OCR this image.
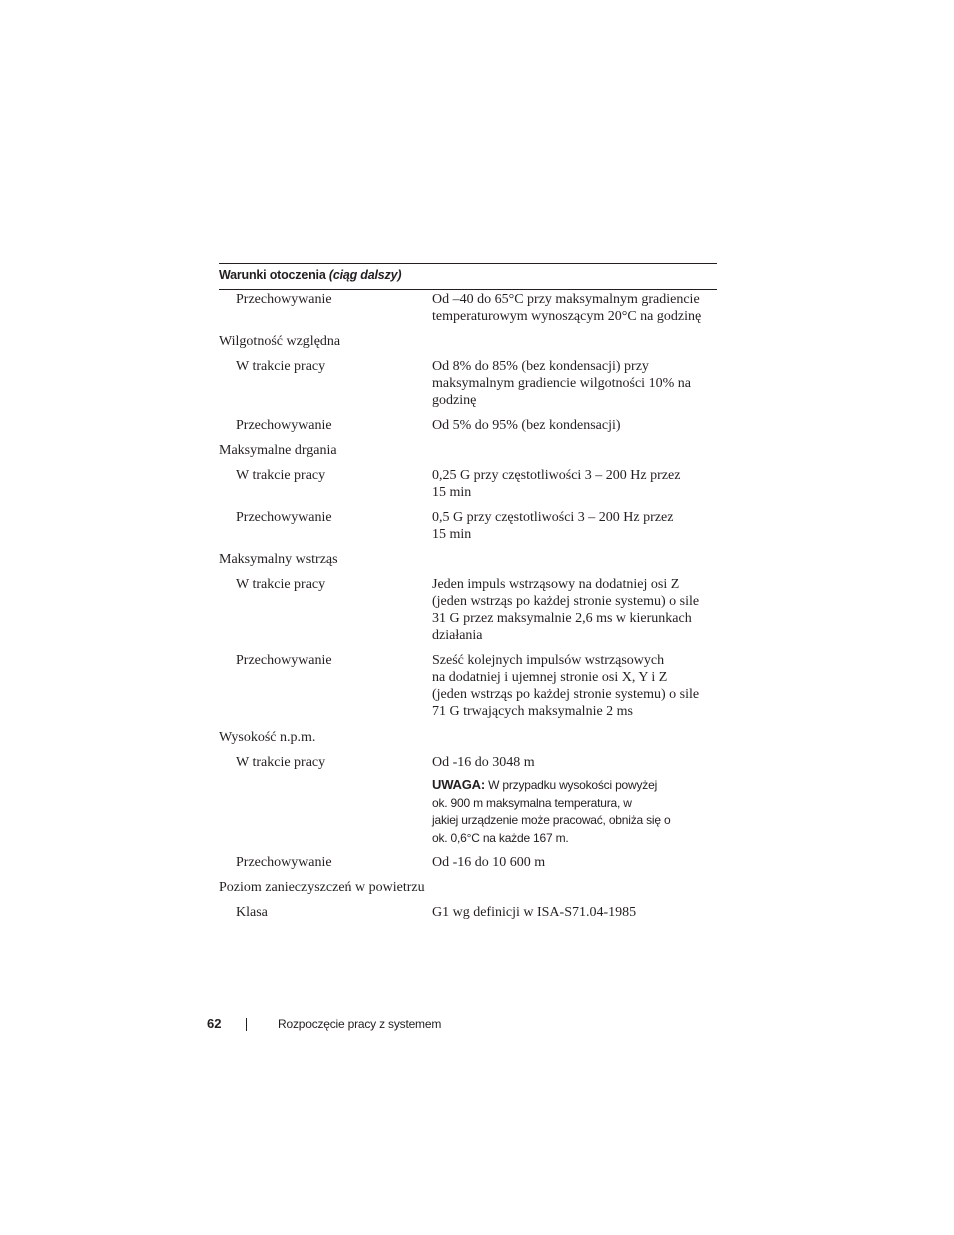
Warunki otoczenia (ciąg dalszy)
Przechowywanie	Od –40 do 65°C przy maksymalnym gradiencie
temperaturowym wynoszącym 20°C na godzinę
Wilgotność względna
W trakcie pracy	Od 8% do 85% (bez kondensacji) przy
maksymalnym gradiencie wilgotności 10% na
godzinę
Przechowywanie	Od 5% do 95% (bez kondensacji)
Maksymalne drgania
W trakcie pracy	0,25 G przy częstotliwości 3 – 200 Hz przez
15 min
Przechowywanie	0,5 G przy częstotliwości 3 – 200 Hz przez
15 min
Maksymalny wstrząs
W trakcie pracy	Jeden impuls wstrząsowy na dodatniej osi Z
(jeden wstrząs po każdej stronie systemu) o sile
31 G przez maksymalnie 2,6 ms w kierunkach
działania
Przechowywanie	Sześć kolejnych impulsów wstrząsowych
na dodatniej i ujemnej stronie osi X, Y i Z
(jeden wstrząs po każdej stronie systemu) o sile
71 G trwających maksymalnie 2 ms
Wysokość n.p.m.
W trakcie pracy	Od -16 do 3048 m
UWAGA: W przypadku wysokości powyżej
ok. 900 m maksymalna temperatura, w
jakiej urządzenie może pracować, obniża się o
ok. 0,6°C na każde 167 m.
Przechowywanie	Od -16 do 10 600 m
Poziom zanieczyszczeń w powietrzu
Klasa	G1 wg definicji w ISA-S71.04-1985
62	Rozpoczęcie pracy z systemem
